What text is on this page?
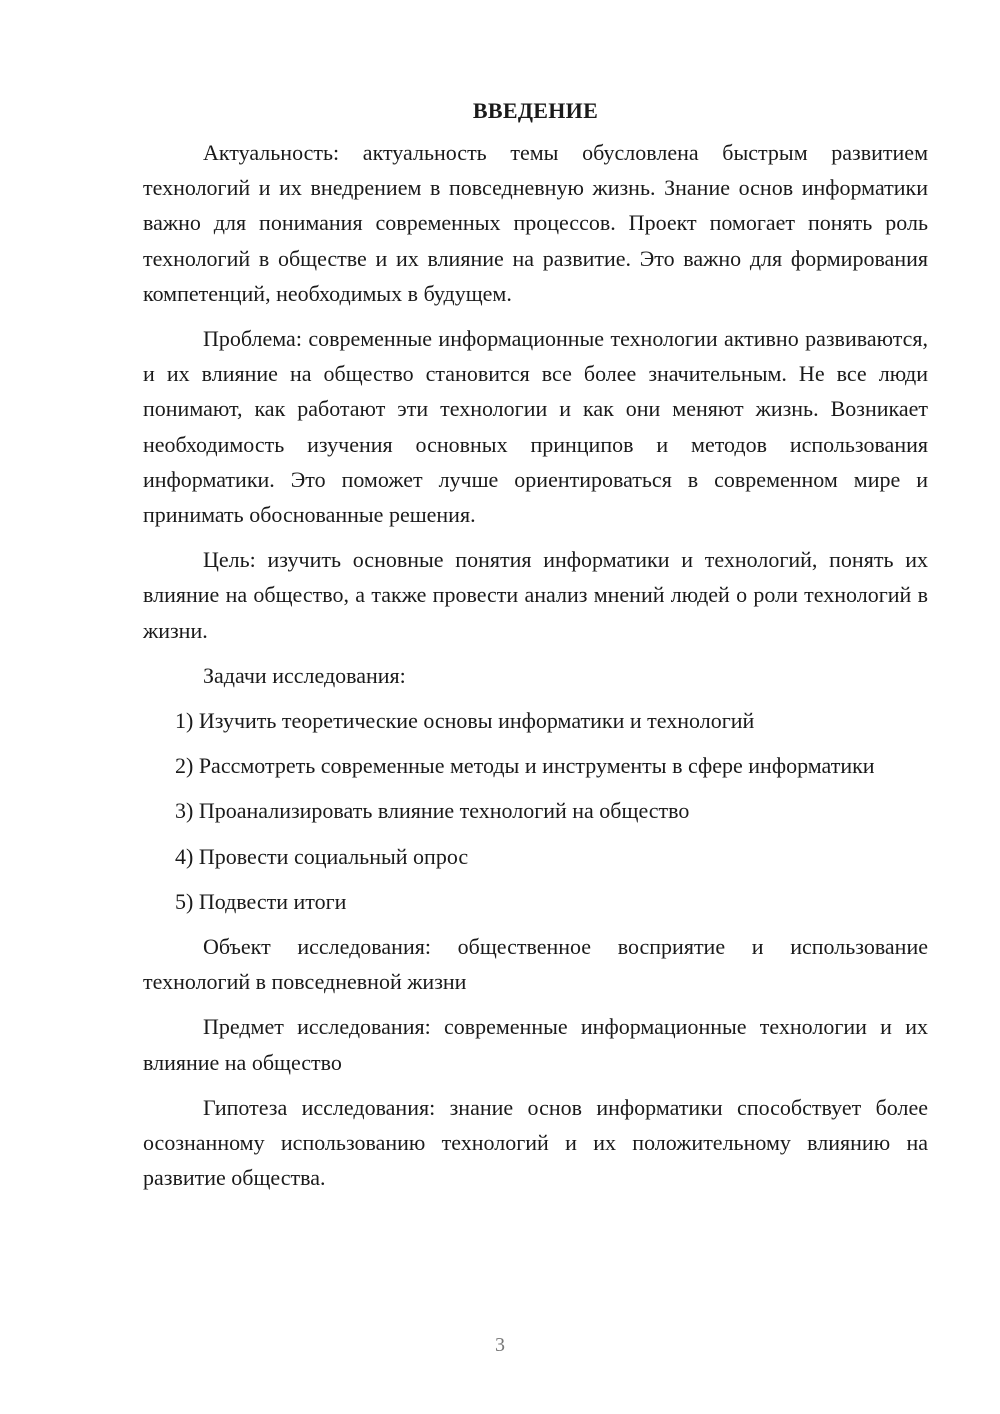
ВВЕДЕНИЕ

Актуальность: актуальность темы обусловлена быстрым развитием технологий и их внедрением в повседневную жизнь. Знание основ информатики важно для понимания современных процессов. Проект помогает понять роль технологий в обществе и их влияние на развитие. Это важно для формирования компетенций, необходимых в будущем.

Проблема: современные информационные технологии активно развиваются, и их влияние на общество становится все более значительным. Не все люди понимают, как работают эти технологии и как они меняют жизнь. Возникает необходимость изучения основных принципов и методов использования информатики. Это поможет лучше ориентироваться в современном мире и принимать обоснованные решения.

Цель: изучить основные понятия информатики и технологий, понять их влияние на общество, а также провести анализ мнений людей о роли технологий в жизни.

Задачи исследования:

1) Изучить теоретические основы информатики и технологий

2) Рассмотреть современные методы и инструменты в сфере информатики

3) Проанализировать влияние технологий на общество

4) Провести социальный опрос

5) Подвести итоги

Объект исследования: общественное восприятие и использование технологий в повседневной жизни

Предмет исследования: современные информационные технологии и их влияние на общество

Гипотеза исследования: знание основ информатики способствует более осознанному использованию технологий и их положительному влиянию на развитие общества.

3
